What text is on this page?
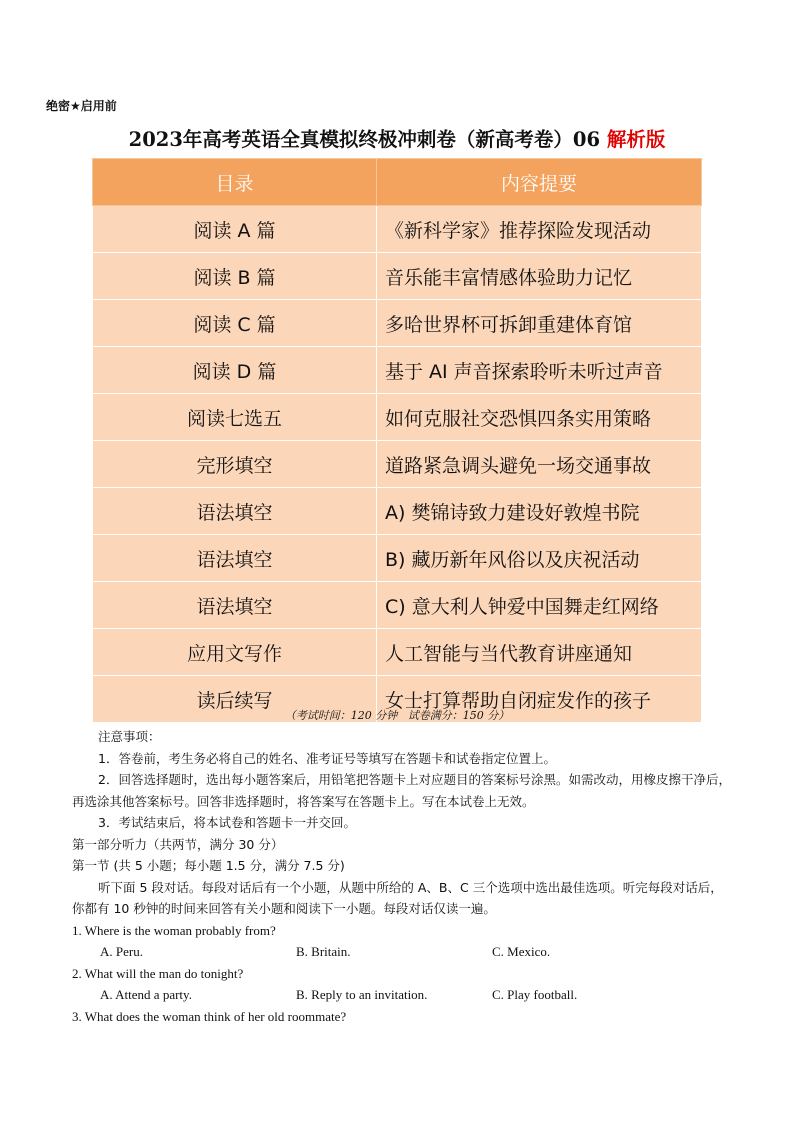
绝密★启用前
2023年高考英语全真模拟终极冲刺卷（新高考卷）06 解析版
目录	内容提要
阅读 A 篇	《新科学家》推荐探险发现活动
阅读 B 篇	音乐能丰富情感体验助力记忆
阅读 C 篇	多哈世界杯可拆卸重建体育馆
阅读 D 篇	基于 AI 声音探索聆听未听过声音
阅读七选五	如何克服社交恐惧四条实用策略
完形填空	道路紧急调头避免一场交通事故
语法填空	A) 樊锦诗致力建设好敦煌书院
语法填空	B) 藏历新年风俗以及庆祝活动
语法填空	C) 意大利人钟爱中国舞走红网络
应用文写作	人工智能与当代教育讲座通知
读后续写	女士打算帮助自闭症发作的孩子
（考试时间：120 分钟   试卷满分：150 分）

注意事项：

1．答卷前，考生务必将自己的姓名、准考证号等填写在答题卡和试卷指定位置上。

2．回答选择题时，选出每小题答案后，用铅笔把答题卡上对应题目的答案标号涂黑。如需改动，用橡皮擦干净后，再选涂其他答案标号。回答非选择题时，将答案写在答题卡上。写在本试卷上无效。

3．考试结束后，将本试卷和答题卡一并交回。

第一部分听力（共两节，满分 30 分）

第一节 (共 5 小题；每小题 1.5 分，满分 7.5 分)

听下面 5 段对话。每段对话后有一个小题，从题中所给的 A、B、C 三个选项中选出最佳选项。听完每段对话后，你都有 10 秒钟的时间来回答有关小题和阅读下一小题。每段对话仅读一遍。

1. Where is the woman probably from?

A. Peru.	B. Britain.	C. Mexico.

2. What will the man do tonight?

A. Attend a party.	B. Reply to an invitation.	C. Play football.

3. What does the woman think of her old roommate?
